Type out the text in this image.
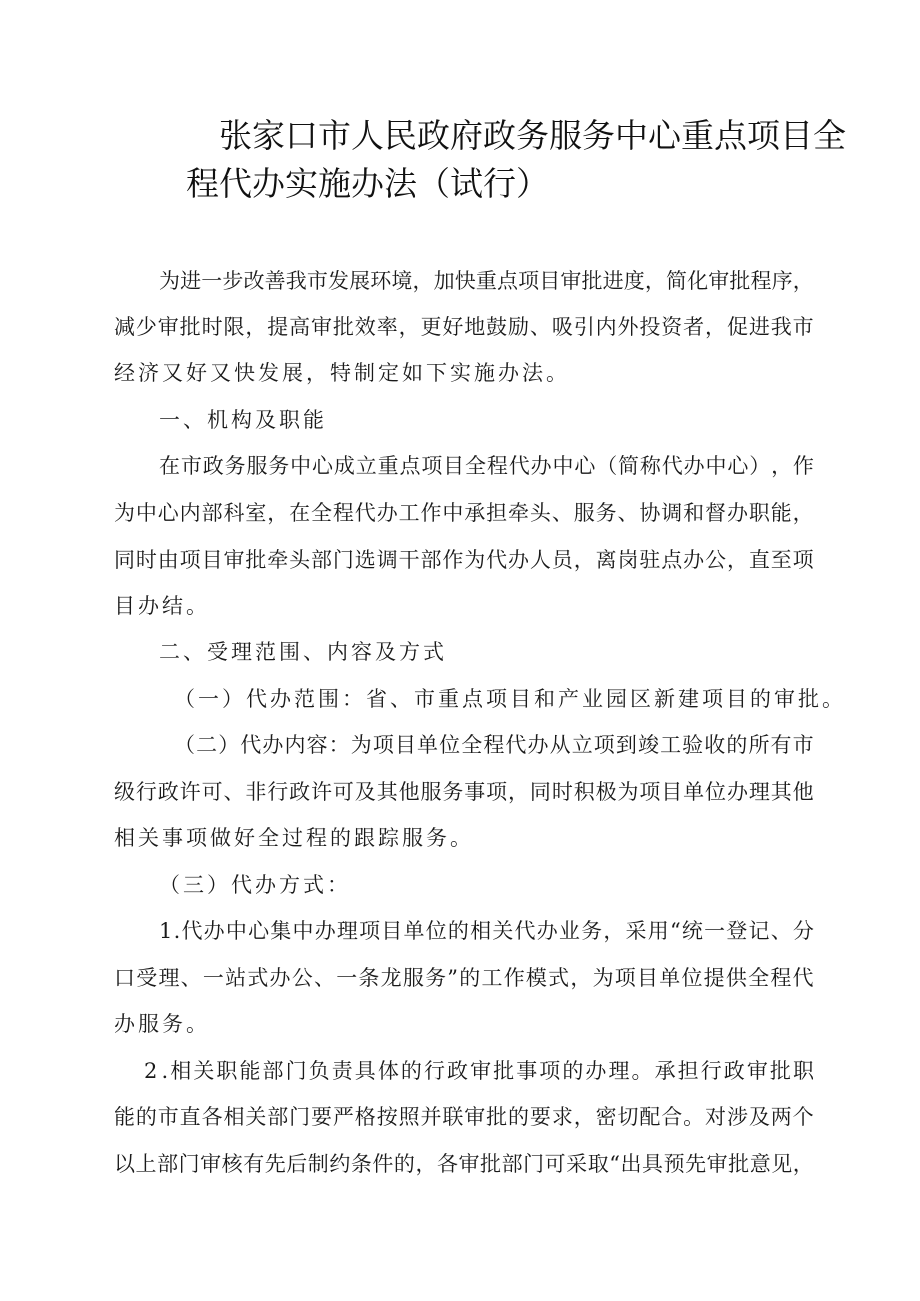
张家口市人民政府政务服务中心重点项目全
程代办实施办法（试行）

为 进 一 步 改 善 我 市 发 展 环 境 ， 加 快 重 点 项 目 审 批 进 度 ， 简 化 审 批 程 序 ，

减 少 审 批 时 限 ， 提 高 审 批 效 率 ， 更 好 地 鼓 励 、 吸 引 内 外 投 资 者 ， 促 进 我 市

经济又好又快发展，特制定如下实施办法。

一、机构及职能

在 市 政 务 服 务 中 心 成 立 重 点 项 目 全 程 代 办 中 心 （ 简 称 代 办 中 心 ） ， 作

为 中 心 内 部 科 室 ， 在 全 程 代 办 工 作 中 承 担 牵 头 、 服 务 、 协 调 和 督 办 职 能 ，

同 时 由 项 目 审 批 牵 头 部 门 选 调 干 部 作 为 代 办 人 员 ， 离 岗 驻 点 办 公 ， 直 至 项

目办结。

二、受理范围、内容及方式

（一）代办范围：省、市重点项目和产业园区新建项目的审批。

（ 二 ） 代 办 内 容 ： 为 项 目 单 位 全 程 代 办 从 立 项 到 竣 工 验 收 的 所 有 市

级 行 政 许 可 、 非 行 政 许 可 及 其 他 服 务 事 项 ， 同 时 积 极 为 项 目 单 位 办 理 其 他

相关事项做好全过程的跟踪服务。

（三）代办方式：

1 . 代 办 中 心 集 中 办 理 项 目 单 位 的 相 关 代 办 业 务 ， 采 用 “ 统 一 登 记 、 分

口 受 理 、 一 站 式 办 公 、 一 条 龙 服 务 ” 的 工 作 模 式 ， 为 项 目 单 位 提 供 全 程 代

办服务。

2 . 相 关 职 能 部 门 负 责 具 体 的 行 政 审 批 事 项 的 办 理 。 承 担 行 政 审 批 职

能 的 市 直 各 相 关 部 门 要 严 格 按 照 并 联 审 批 的 要 求 ， 密 切 配 合 。 对 涉 及 两 个

以 上 部 门 审 核 有 先 后 制 约 条 件 的 ， 各 审 批 部 门 可 采 取 “ 出 具 预 先 审 批 意 见 ，
